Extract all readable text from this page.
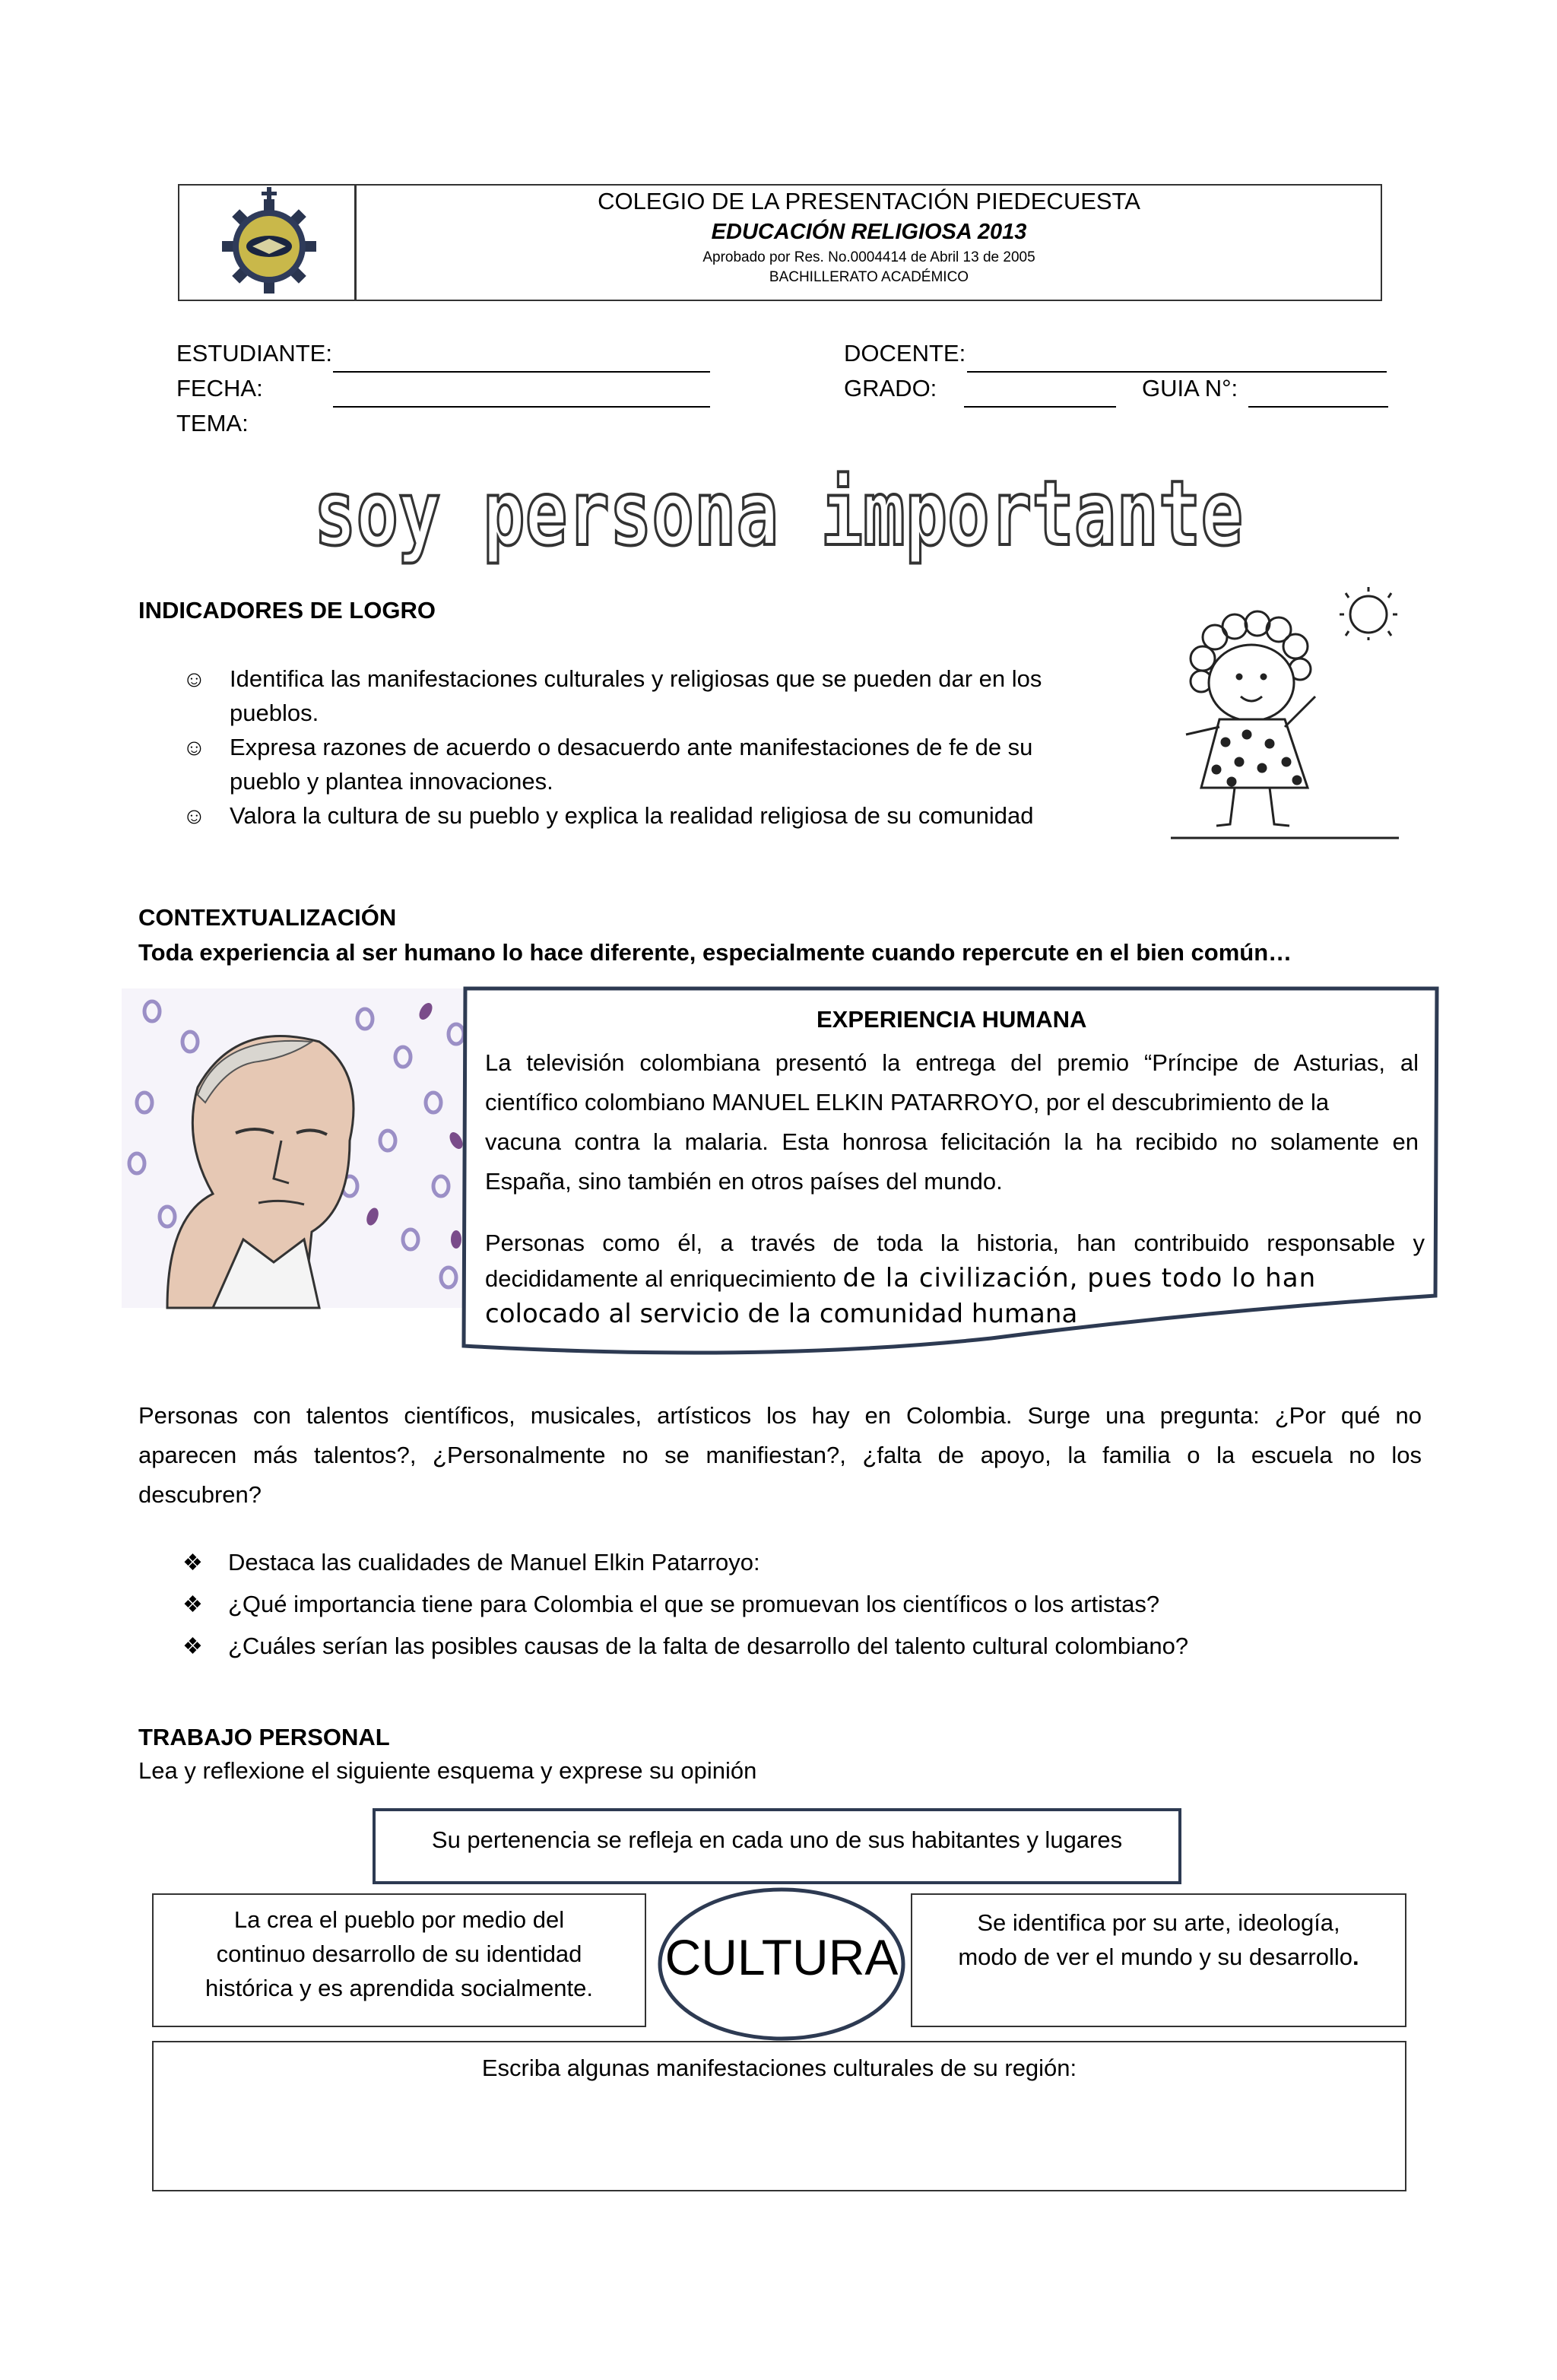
COLEGIO DE LA PRESENTACIÓN PIEDECUESTA
EDUCACIÓN RELIGIOSA 2013
Aprobado por Res. No.0004414 de Abril 13 de 2005
BACHILLERATO ACADÉMICO
ESTUDIANTE:	DOCENTE:
FECHA:	GRADO:	GUIA N°:
TEMA:
soy persona importante
INDICADORES DE LOGRO
☺ Identifica las manifestaciones culturales y religiosas que se pueden dar en los
pueblos.
☺ Expresa razones de acuerdo o desacuerdo ante manifestaciones de fe de su
pueblo y plantea innovaciones.
☺ Valora la cultura de su pueblo y explica la realidad religiosa de su comunidad
CONTEXTUALIZACIÓN
Toda experiencia al ser humano lo hace diferente, especialmente cuando repercute en el bien común…
EXPERIENCIA HUMANA
La televisión colombiana presentó la entrega del premio “Príncipe de Asturias, al
científico colombiano MANUEL ELKIN PATARROYO, por el descubrimiento de la
vacuna contra la malaria. Esta honrosa felicitación la ha recibido no solamente en
España, sino también en otros países del mundo.
Personas como él, a través de toda la historia, han contribuido responsable y
decididamente al enriquecimiento de la civilización, pues todo lo han
colocado al servicio de la comunidad humana
Personas con talentos científicos, musicales, artísticos los hay en Colombia. Surge una pregunta: ¿Por qué no
aparecen más talentos?, ¿Personalmente no se manifiestan?, ¿falta de apoyo, la familia o la escuela no los
descubren?
❖ Destaca las cualidades de Manuel Elkin Patarroyo:
❖ ¿Qué importancia tiene para Colombia el que se promuevan los científicos o los artistas?
❖ ¿Cuáles serían las posibles causas de la falta de desarrollo del talento cultural colombiano?
TRABAJO PERSONAL
Lea y reflexione el siguiente esquema y exprese su opinión
Su pertenencia se refleja en cada uno de sus habitantes y lugares
La crea el pueblo por medio del
continuo desarrollo de su identidad
histórica y es aprendida socialmente.
CULTURA
Se identifica por su arte, ideología,
modo de ver el mundo y su desarrollo.
Escriba algunas manifestaciones culturales de su región:
